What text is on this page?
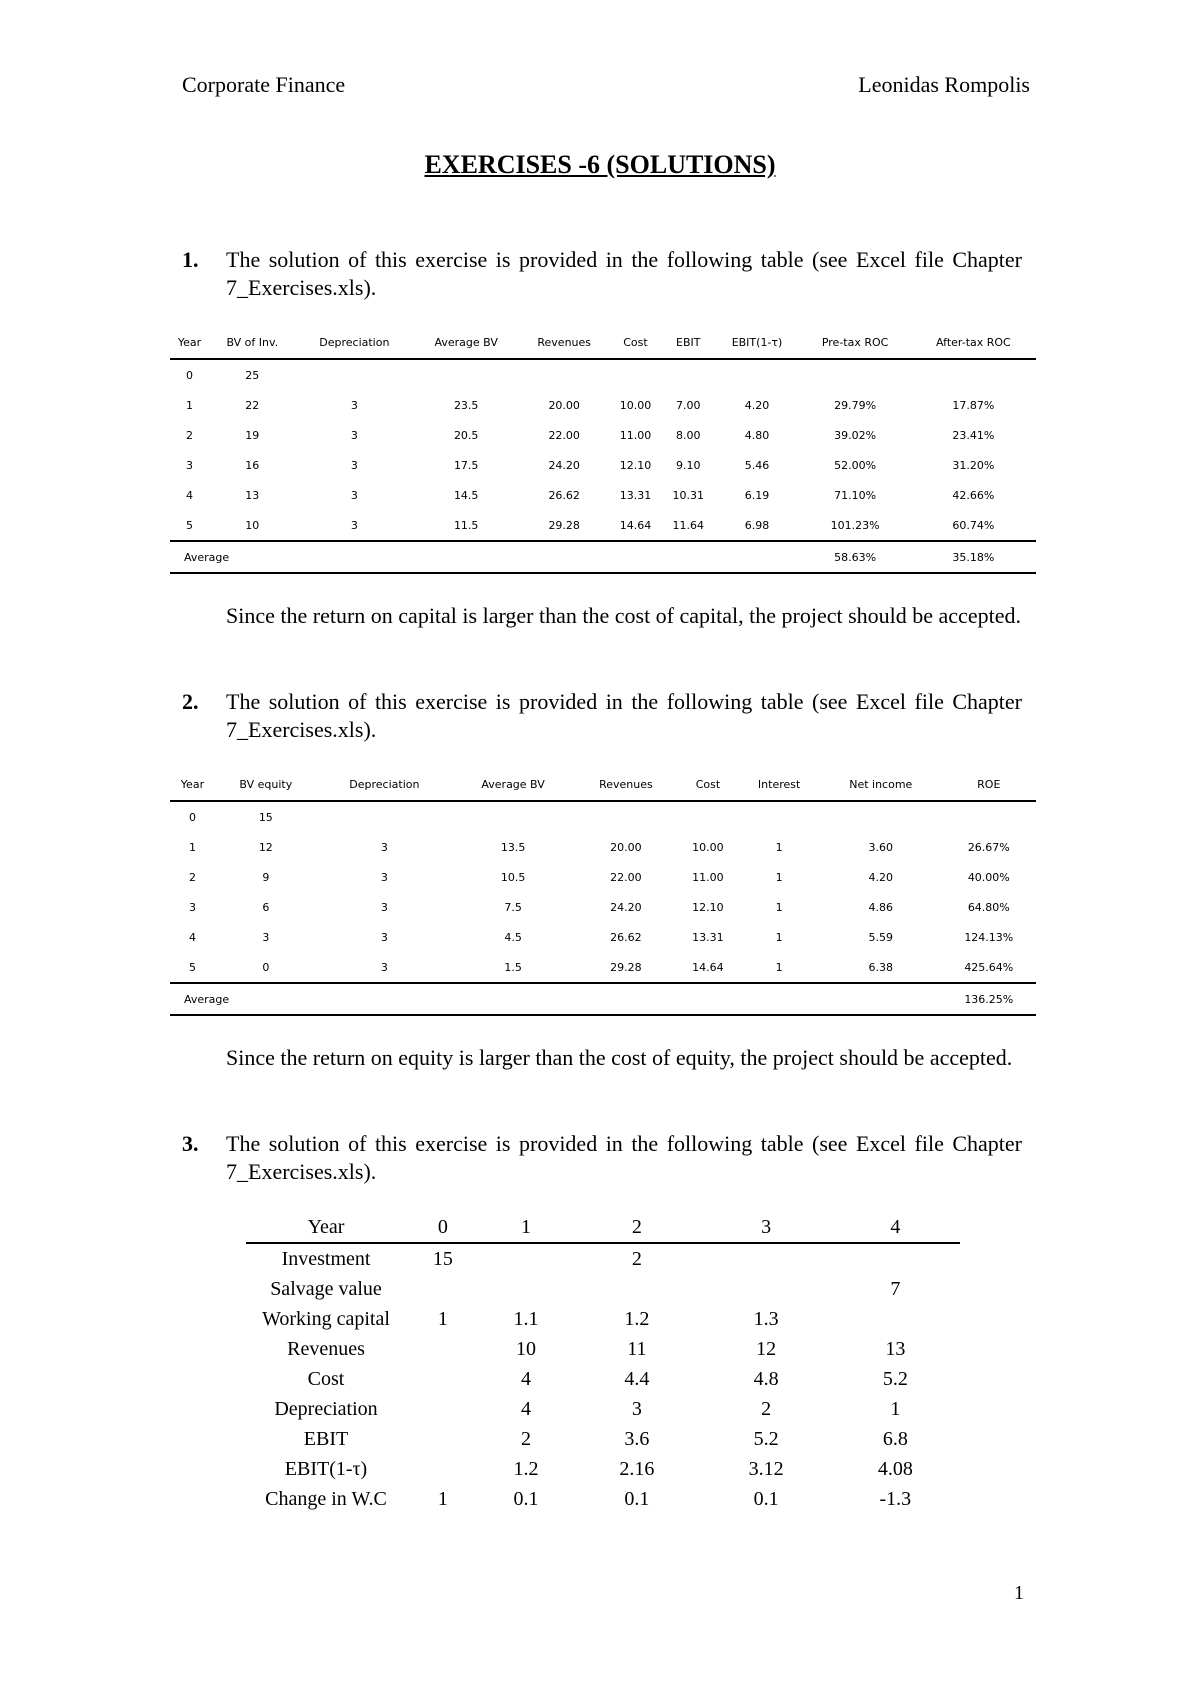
Corporate Finance	Leonidas Rompolis
EXERCISES -6 (SOLUTIONS)
1. The solution of this exercise is provided in the following table (see Excel file Chapter 7_Exercises.xls).
Year	BV of Inv.	Depreciation	Average BV	Revenues	Cost	EBIT	EBIT(1-τ)	Pre-tax ROC	After-tax ROC
0	25								
1	22	3	23.5	20.00	10.00	7.00	4.20	29.79%	17.87%
2	19	3	20.5	22.00	11.00	8.00	4.80	39.02%	23.41%
3	16	3	17.5	24.20	12.10	9.10	5.46	52.00%	31.20%
4	13	3	14.5	26.62	13.31	10.31	6.19	71.10%	42.66%
5	10	3	11.5	29.28	14.64	11.64	6.98	101.23%	60.74%
Average								58.63%	35.18%
Since the return on capital is larger than the cost of capital, the project should be accepted.
2. The solution of this exercise is provided in the following table (see Excel file Chapter 7_Exercises.xls).
Year	BV equity	Depreciation	Average BV	Revenues	Cost	Interest	Net income	ROE
0	15							
1	12	3	13.5	20.00	10.00	1	3.60	26.67%
2	9	3	10.5	22.00	11.00	1	4.20	40.00%
3	6	3	7.5	24.20	12.10	1	4.86	64.80%
4	3	3	4.5	26.62	13.31	1	5.59	124.13%
5	0	3	1.5	29.28	14.64	1	6.38	425.64%
Average								136.25%
Since the return on equity is larger than the cost of equity, the project should be accepted.
3. The solution of this exercise is provided in the following table (see Excel file Chapter 7_Exercises.xls).
Year	0	1	2	3	4
Investment	15		2		
Salvage value					7
Working capital	1	1.1	1.2	1.3	
Revenues		10	11	12	13
Cost		4	4.4	4.8	5.2
Depreciation		4	3	2	1
EBIT		2	3.6	5.2	6.8
EBIT(1-τ)		1.2	2.16	3.12	4.08
Change in W.C	1	0.1	0.1	0.1	-1.3
1
